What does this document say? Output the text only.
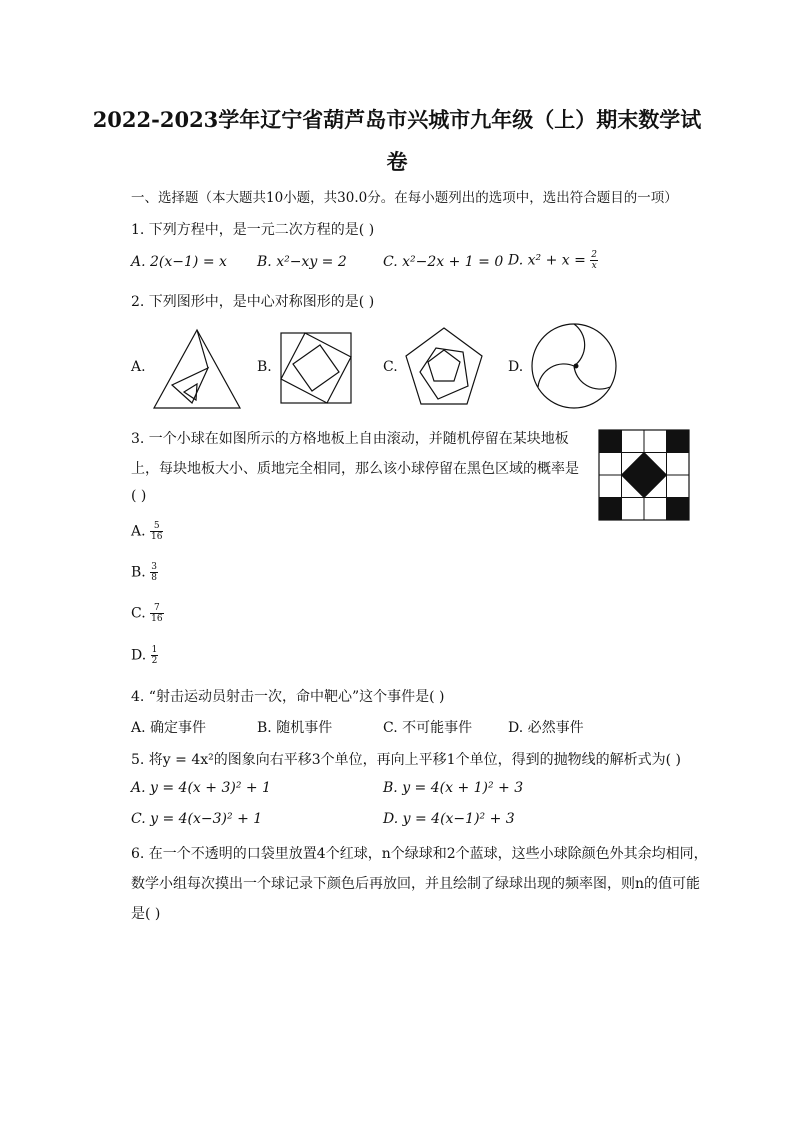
2022-2023学年辽宁省葫芦岛市兴城市九年级（上）期末数学试
卷
一、选择题（本大题共10小题，共30.0分。在每小题列出的选项中，选出符合题目的一项）
1. 下列方程中，是一元二次方程的是( )
A. 2(x−1) = x B. x²−xy = 2	C. x²−2x + 1 = 0 D. $x^2 + x = \frac{2}{x}$
2. 下列图形中，是中心对称图形的是( )
A.	B.	C.	D.
3. 一个小球在如图所示的方格地板上自由滚动，并随机停留在某块地板
上，每块地板大小、质地完全相同，那么该小球停留在黑色区域的概率是
( )
A. $\frac{5}{16}$
B. $\frac{3}{8}$
C. $\frac{7}{16}$
D. $\frac{1}{2}$
4. “射击运动员射击一次，命中靶心”这个事件是( )
A. 确定事件	B. 随机事件	C. 不可能事件	D. 必然事件
5. 将y = 4x²的图象向右平移3个单位，再向上平移1个单位，得到的抛物线的解析式为( )
A. y = 4(x + 3)² + 1	B. y = 4(x + 1)² + 3
C. y = 4(x−3)² + 1	D. y = 4(x−1)² + 3
6. 在一个不透明的口袋里放置4个红球，n个绿球和2个蓝球，这些小球除颜色外其余均相同，
数学小组每次摸出一个球记录下颜色后再放回，并且绘制了绿球出现的频率图，则n的值可能
是( )
